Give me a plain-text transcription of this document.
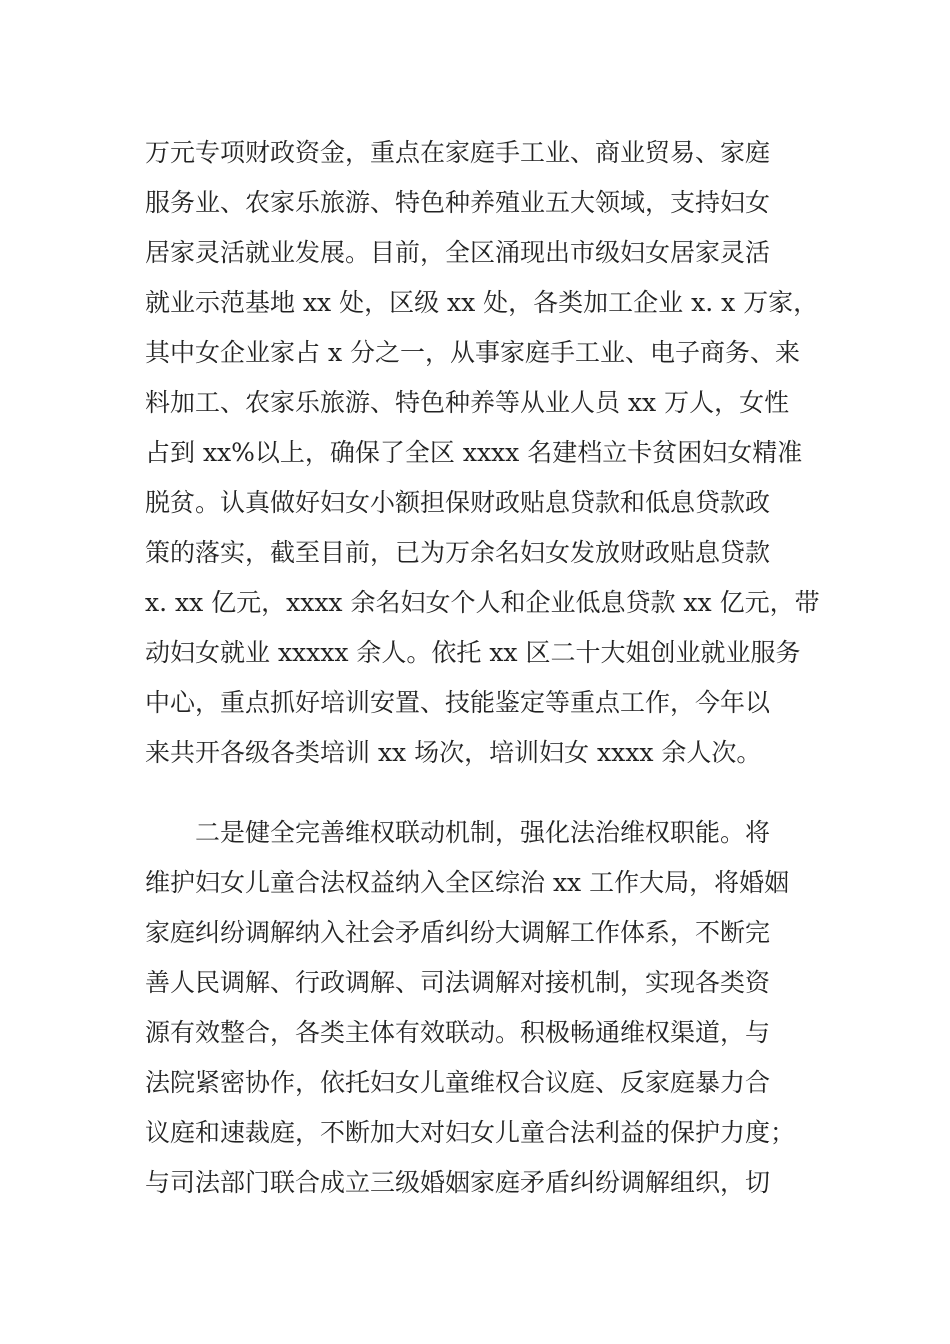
万元专项财政资金，重点在家庭手工业、商业贸易、家庭
服务业、农家乐旅游、特色种养殖业五大领域，支持妇女
居家灵活就业发展。目前，全区涌现出市级妇女居家灵活
就业示范基地 xx 处，区级 xx 处，各类加工企业 x. x 万家，
其中女企业家占 x 分之一，从事家庭手工业、电子商务、来
料加工、农家乐旅游、特色种养等从业人员 xx 万人，女性
占到 xx%以上，确保了全区 xxxx 名建档立卡贫困妇女精准
脱贫。认真做好妇女小额担保财政贴息贷款和低息贷款政
策的落实，截至目前，已为万余名妇女发放财政贴息贷款
x. xx 亿元，xxxx 余名妇女个人和企业低息贷款 xx 亿元，带
动妇女就业 xxxxx 余人。依托 xx 区二十大姐创业就业服务
中心，重点抓好培训安置、技能鉴定等重点工作，今年以
来共开各级各类培训 xx 场次，培训妇女 xxxx 余人次。

二是健全完善维权联动机制，强化法治维权职能。将
维护妇女儿童合法权益纳入全区综治 xx 工作大局，将婚姻
家庭纠纷调解纳入社会矛盾纠纷大调解工作体系，不断完
善人民调解、行政调解、司法调解对接机制，实现各类资
源有效整合，各类主体有效联动。积极畅通维权渠道，与
法院紧密协作，依托妇女儿童维权合议庭、反家庭暴力合
议庭和速裁庭，不断加大对妇女儿童合法利益的保护力度；
与司法部门联合成立三级婚姻家庭矛盾纠纷调解组织，切
